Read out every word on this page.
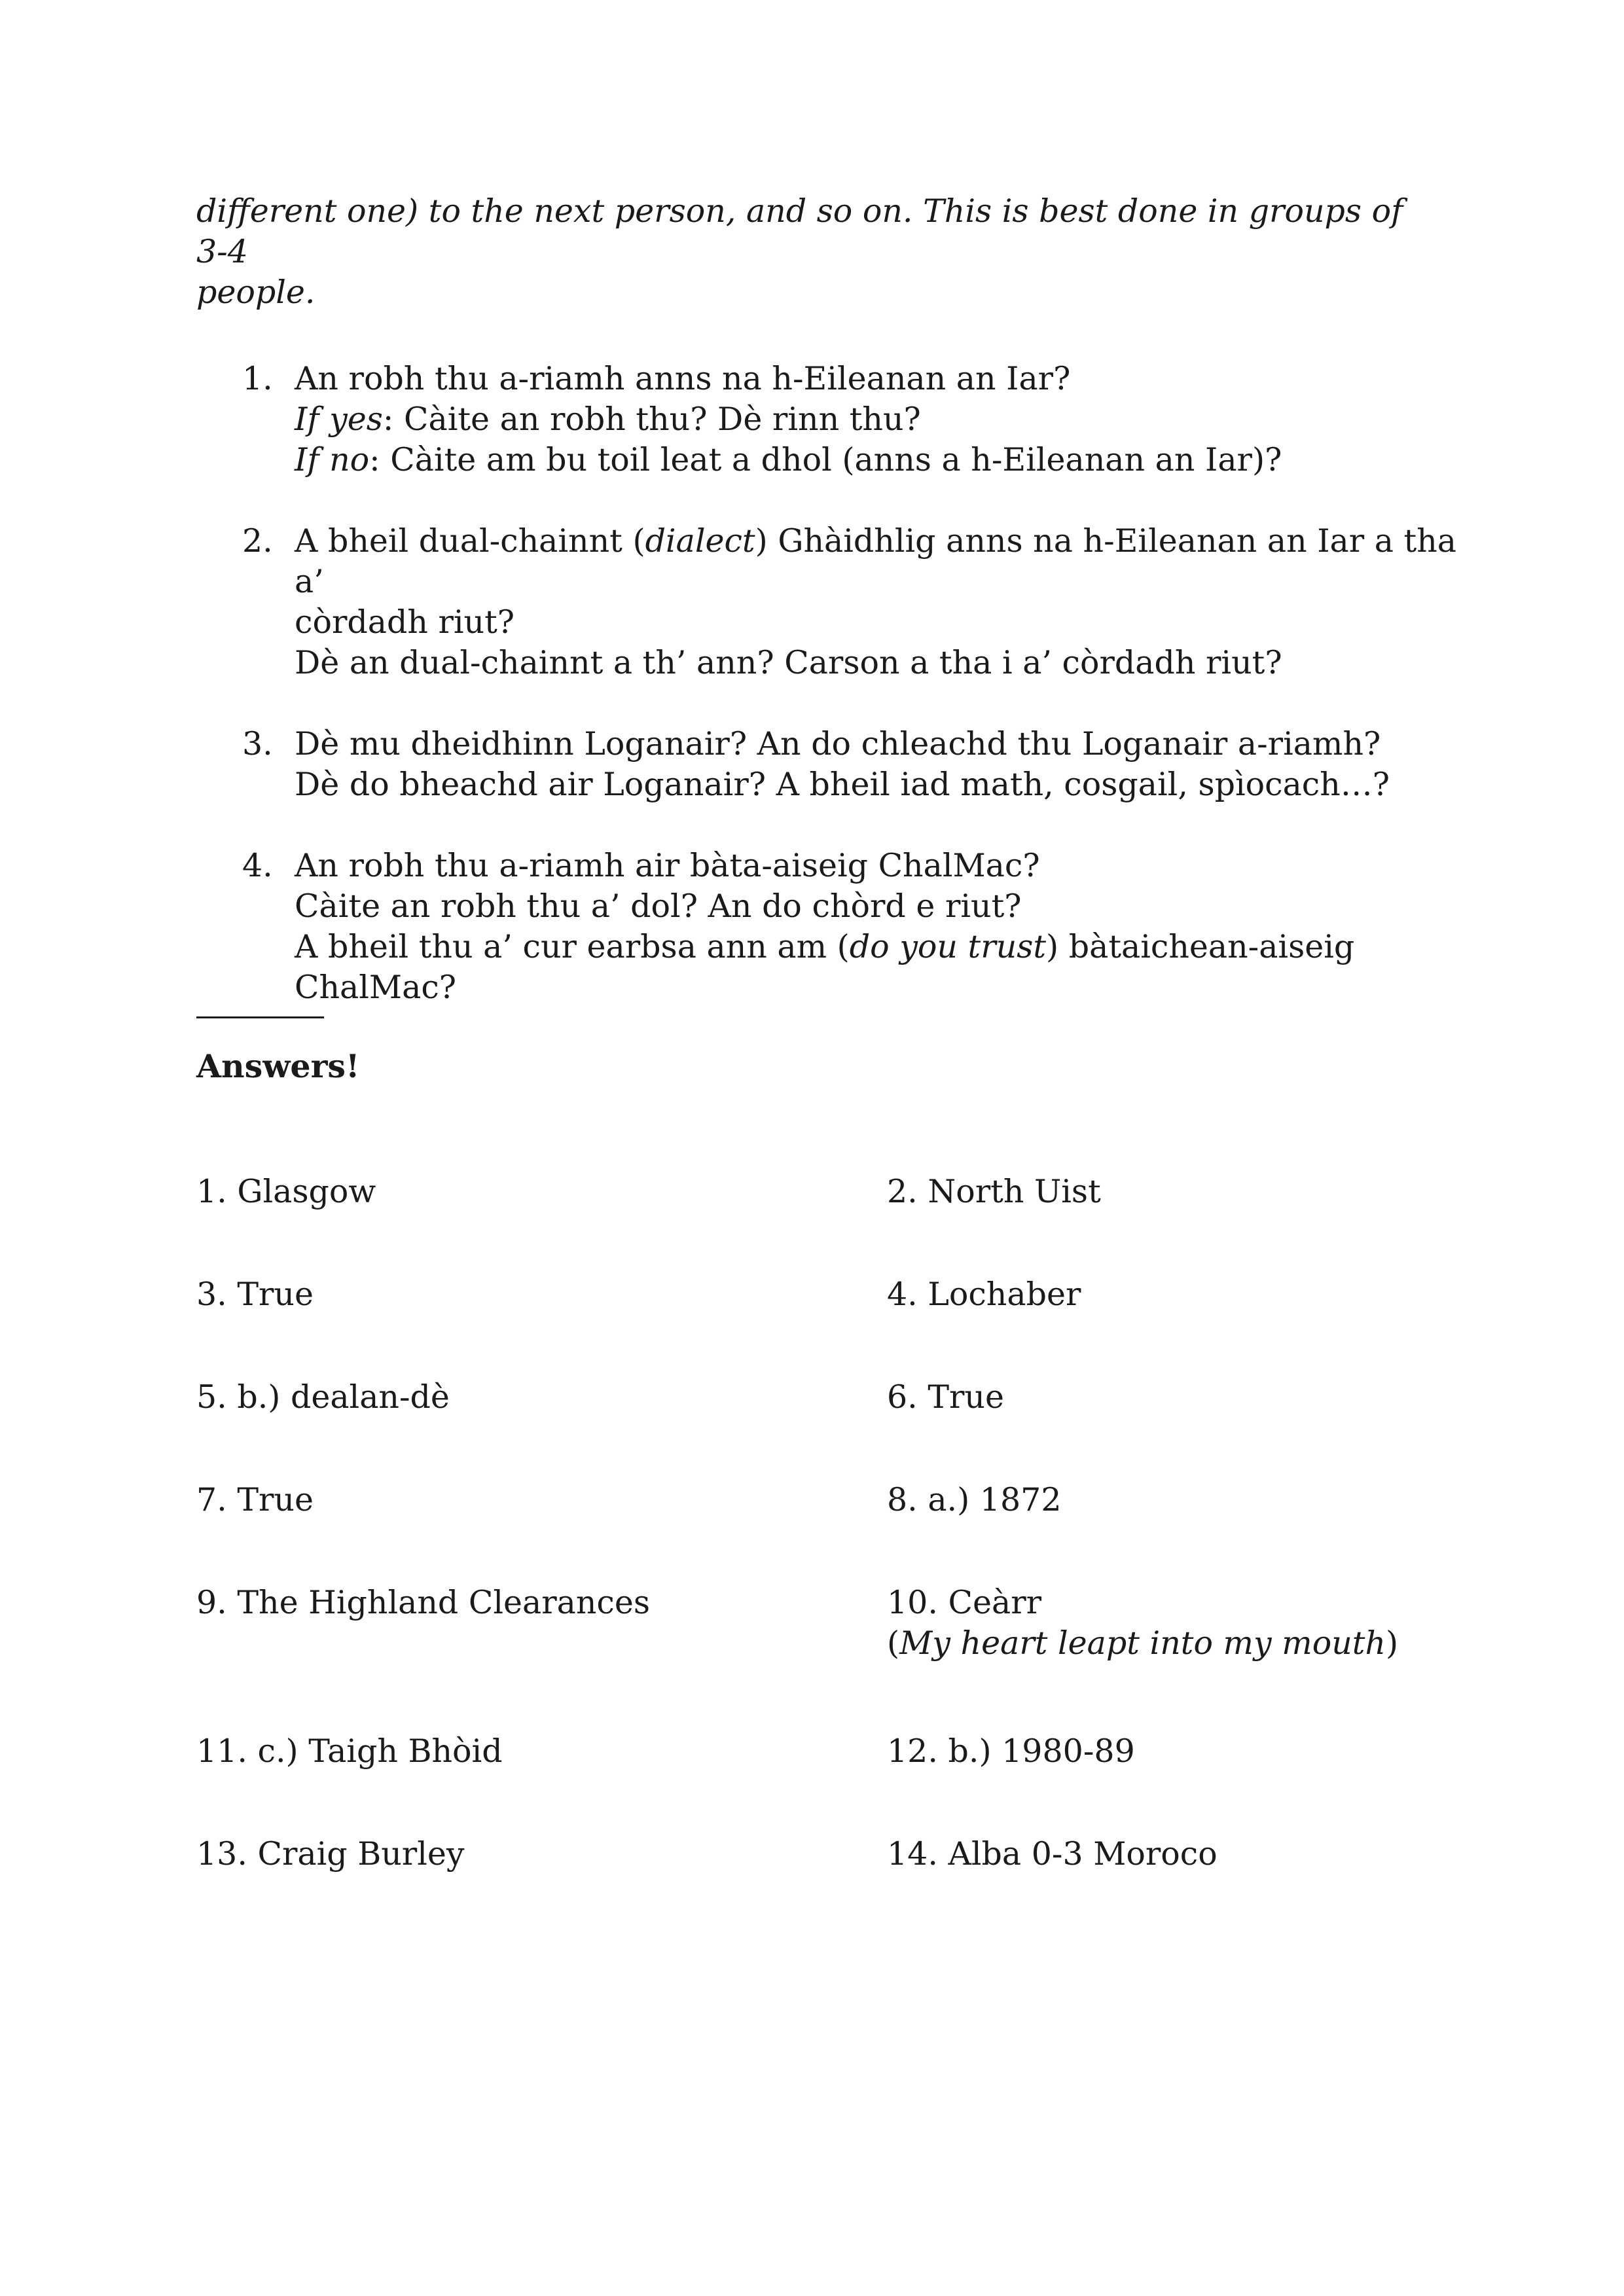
different one) to the next person, and so on. This is best done in groups of 3-4
people.
1. An robh thu a-riamh anns na h-Eileanan an Iar?
If yes: Càite an robh thu? Dè rinn thu?
If no: Càite am bu toil leat a dhol (anns a h-Eileanan an Iar)?
2. A bheil dual-chainnt (dialect) Ghàidhlig anns na h-Eileanan an Iar a tha a’
còrdadh riut?
Dè an dual-chainnt a th’ ann? Carson a tha i a’ còrdadh riut?
3. Dè mu dheidhinn Loganair? An do chleachd thu Loganair a-riamh?
Dè do bheachd air Loganair? A bheil iad math, cosgail, spìocach…?
4. An robh thu a-riamh air bàta-aiseig ChalMac?
Càite an robh thu a’ dol? An do chòrd e riut?
A bheil thu a’ cur earbsa ann am (do you trust) bàtaichean-aiseig ChalMac?
Answers!
1. Glasgow	2. North Uist
3. True	4. Lochaber
5. b.) dealan-dè	6. True
7. True	8. a.) 1872
9. The Highland Clearances	10. Ceàrr
(My heart leapt into my mouth)
11. c.) Taigh Bhòid	12. b.) 1980-89
13. Craig Burley	14. Alba 0-3 Moroco
